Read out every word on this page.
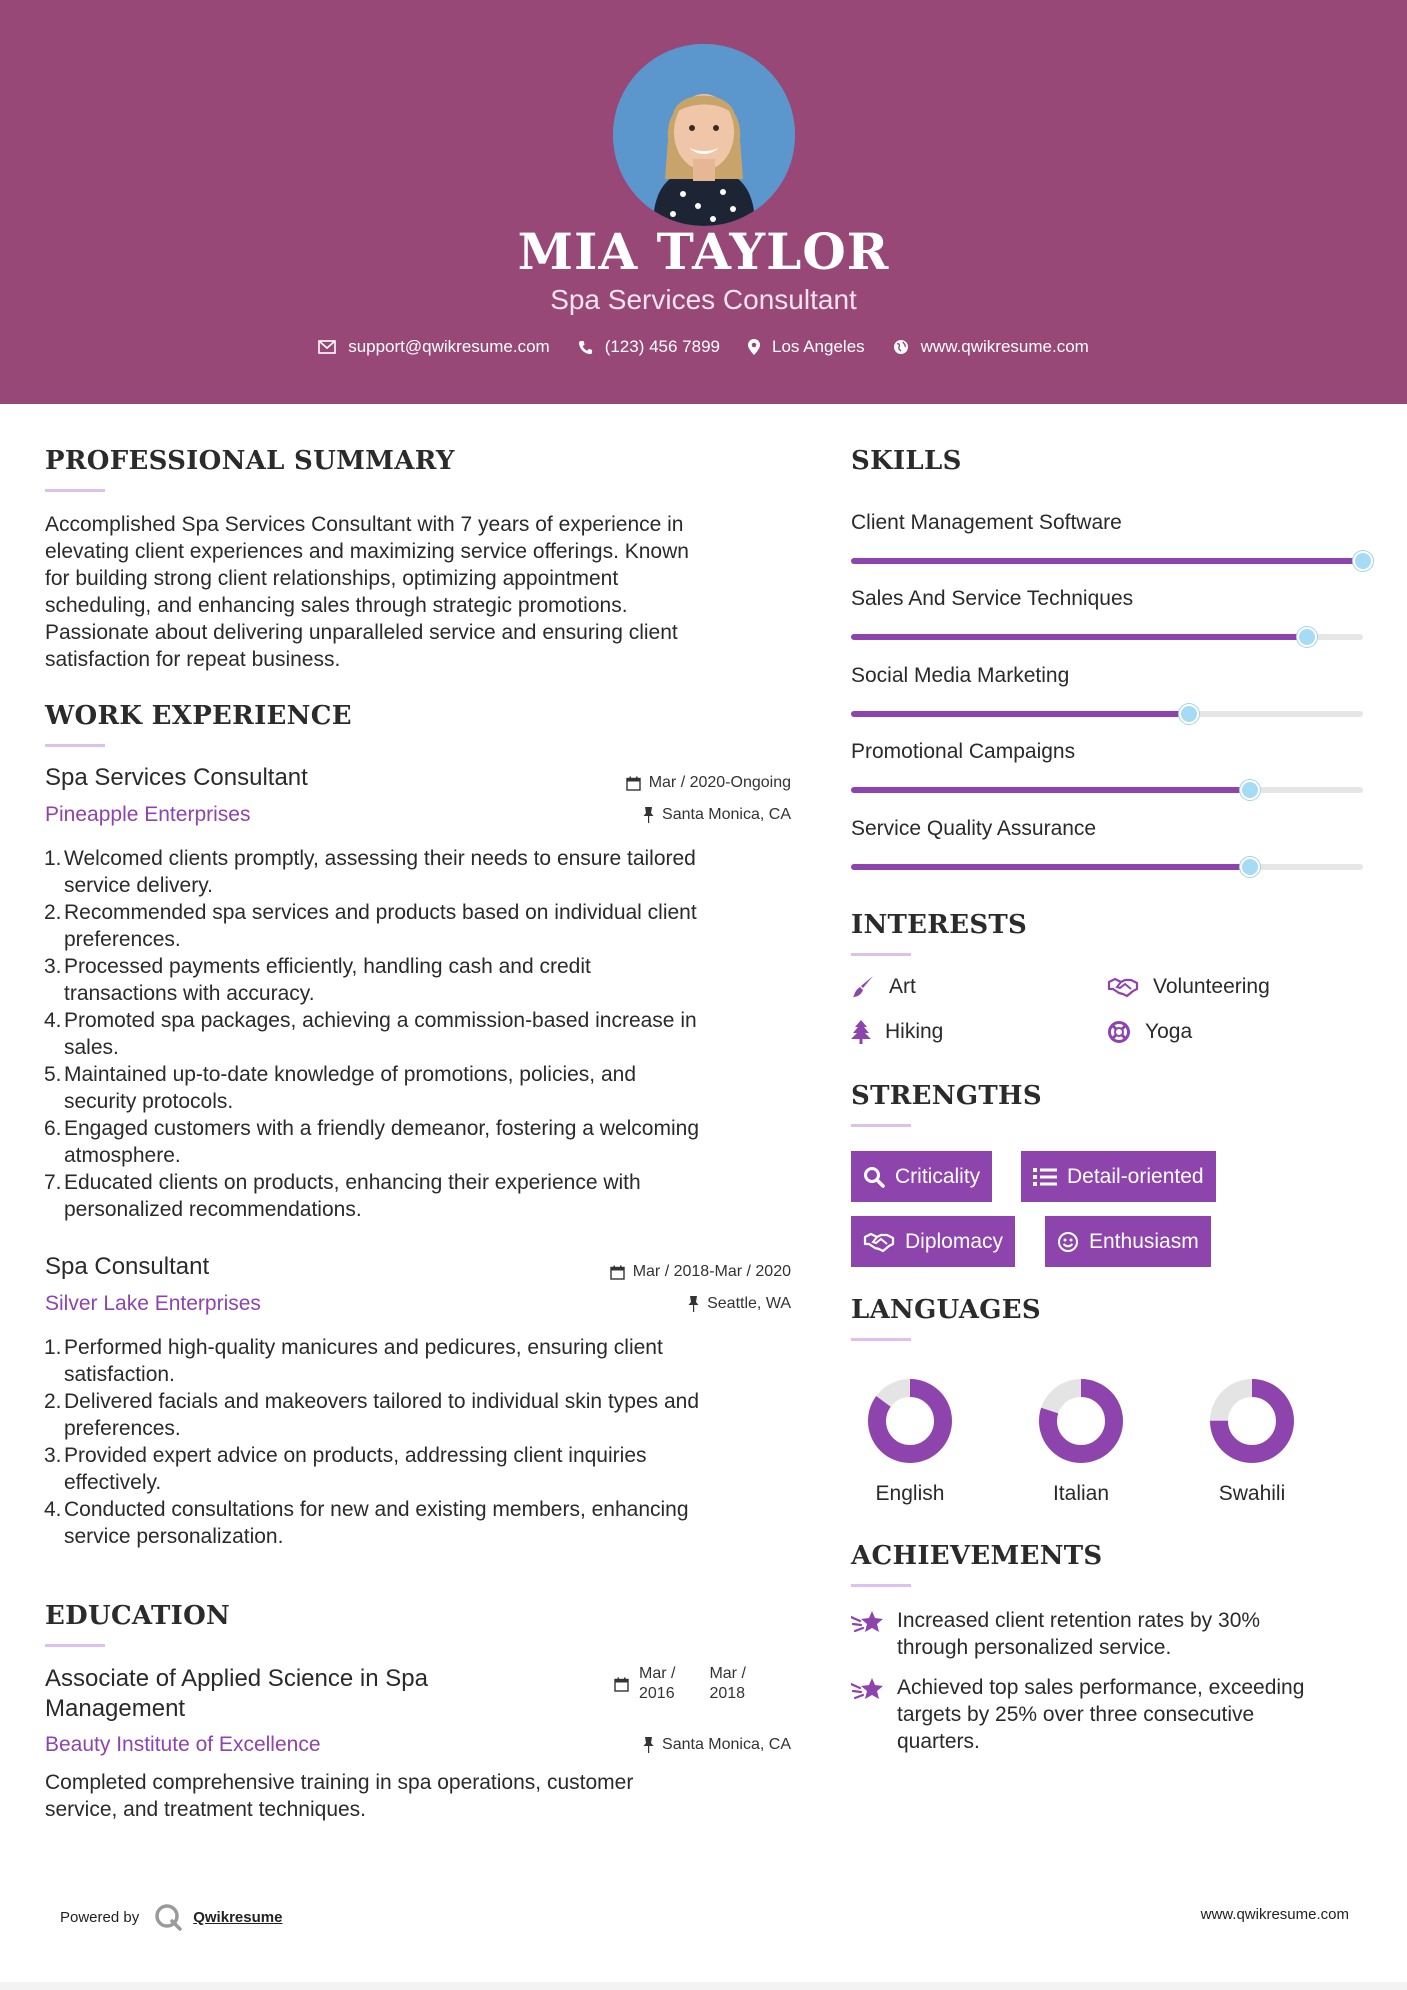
MIA TAYLOR
Spa Services Consultant
support@qwikresume.com	(123) 456 7899	Los Angeles	www.qwikresume.com
PROFESSIONAL SUMMARY
Accomplished Spa Services Consultant with 7 years of experience in
elevating client experiences and maximizing service offerings. Known
for building strong client relationships, optimizing appointment
scheduling, and enhancing sales through strategic promotions.
Passionate about delivering unparalleled service and ensuring client
satisfaction for repeat business.
WORK EXPERIENCE
Spa Services Consultant
Pineapple Enterprises
Mar / 2020-Ongoing
Santa Monica, CA
1. Welcomed clients promptly, assessing their needs to ensure tailored
service delivery.
2. Recommended spa services and products based on individual client
preferences.
3. Processed payments efficiently, handling cash and credit
transactions with accuracy.
4. Promoted spa packages, achieving a commission-based increase in
sales.
5. Maintained up-to-date knowledge of promotions, policies, and
security protocols.
6. Engaged customers with a friendly demeanor, fostering a welcoming
atmosphere.
7. Educated clients on products, enhancing their experience with
personalized recommendations.
Spa Consultant
Silver Lake Enterprises
Mar / 2018-Mar / 2020
Seattle, WA
1. Performed high-quality manicures and pedicures, ensuring client
satisfaction.
2. Delivered facials and makeovers tailored to individual skin types and
preferences.
3. Provided expert advice on products, addressing client inquiries
effectively.
4. Conducted consultations for new and existing members, enhancing
service personalization.
EDUCATION
Associate of Applied Science in Spa
Management
Mar /
2016
Mar /
2018
Beauty Institute of Excellence	Santa Monica, CA
Completed comprehensive training in spa operations, customer
service, and treatment techniques.
SKILLS
Client Management Software
Sales And Service Techniques
Social Media Marketing
Promotional Campaigns
Service Quality Assurance
INTERESTS
Art	Volunteering
Hiking	Yoga
STRENGTHS
Criticality	Detail-oriented
Diplomacy	Enthusiasm
LANGUAGES
English	Italian	Swahili
ACHIEVEMENTS
Increased client retention rates by 30%
through personalized service.
Achieved top sales performance, exceeding
targets by 25% over three consecutive
quarters.
Powered by	Qwikresume	www.qwikresume.com
